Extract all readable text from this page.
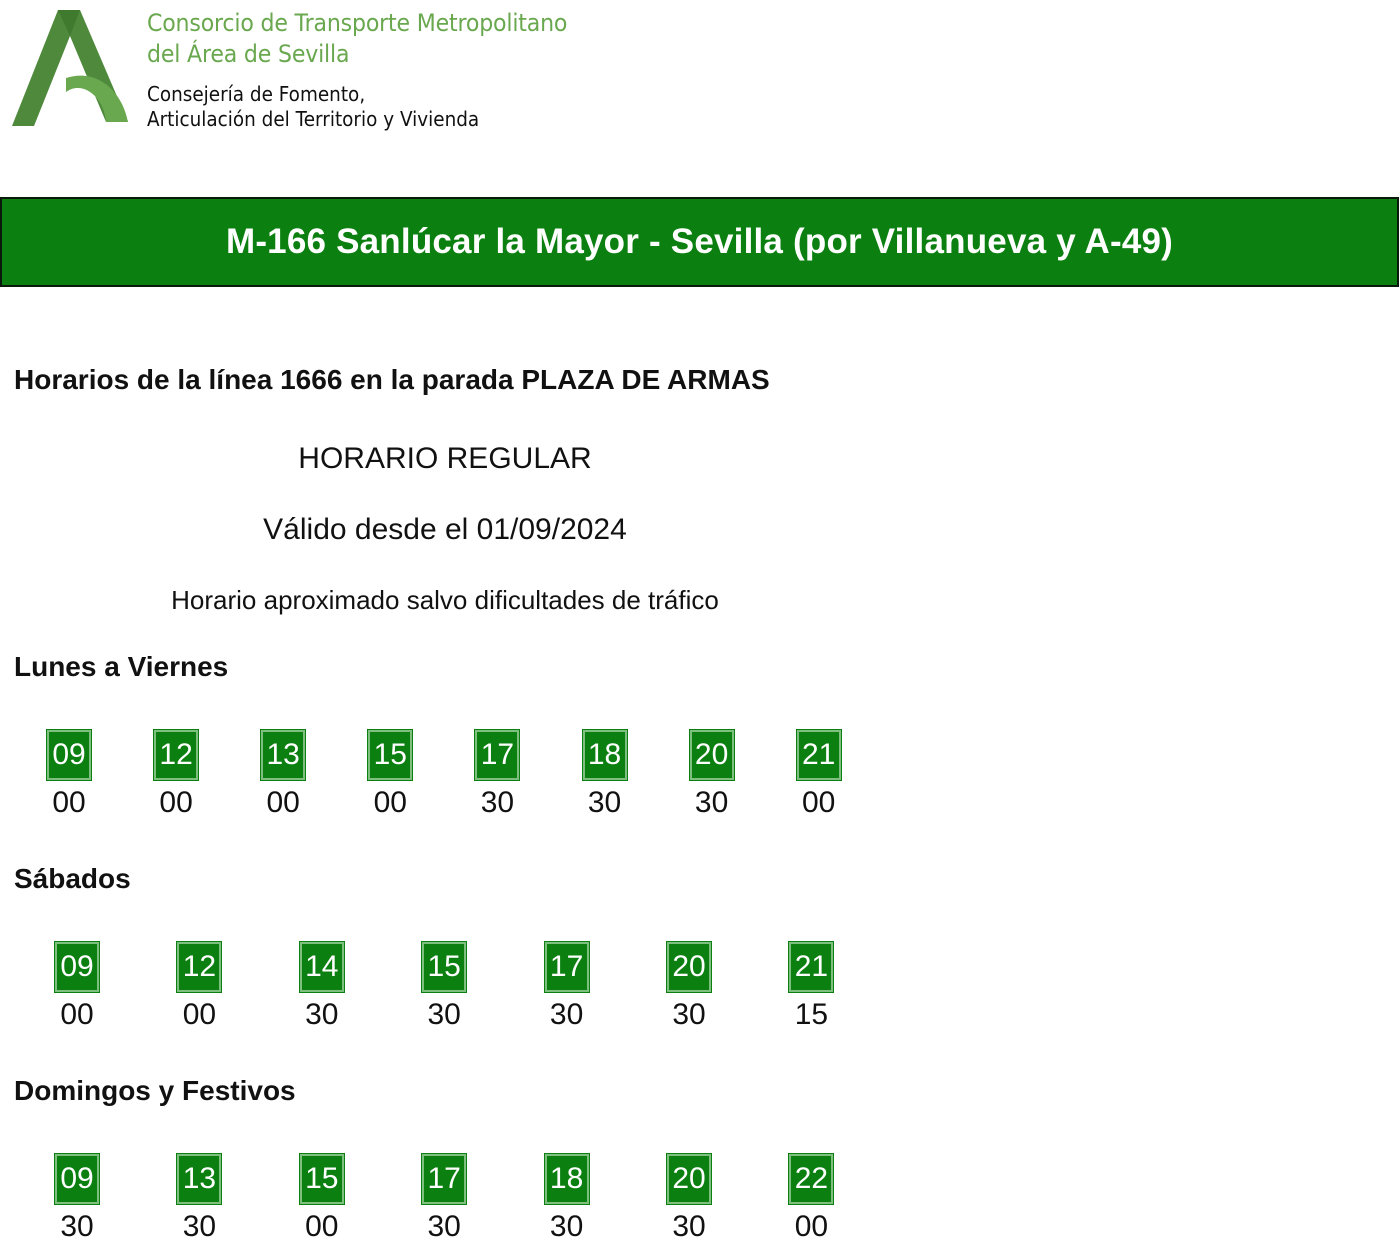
Consorcio de Transporte Metropolitano
del Área de Sevilla
Consejería de Fomento,
Articulación del Territorio y Vivienda
M-166 Sanlúcar la Mayor - Sevilla (por Villanueva y A-49)
Horarios de la línea 1666 en la parada PLAZA DE ARMAS
HORARIO REGULAR
Válido desde el 01/09/2024
Horario aproximado salvo dificultades de tráfico
Lunes a Viernes
09
00
12
00
13
00
15
00
17
30
18
30
20
30
21
00
Sábados
09
00
12
00
14
30
15
30
17
30
20
30
21
15
Domingos y Festivos
09
30
13
30
15
00
17
30
18
30
20
30
22
00
